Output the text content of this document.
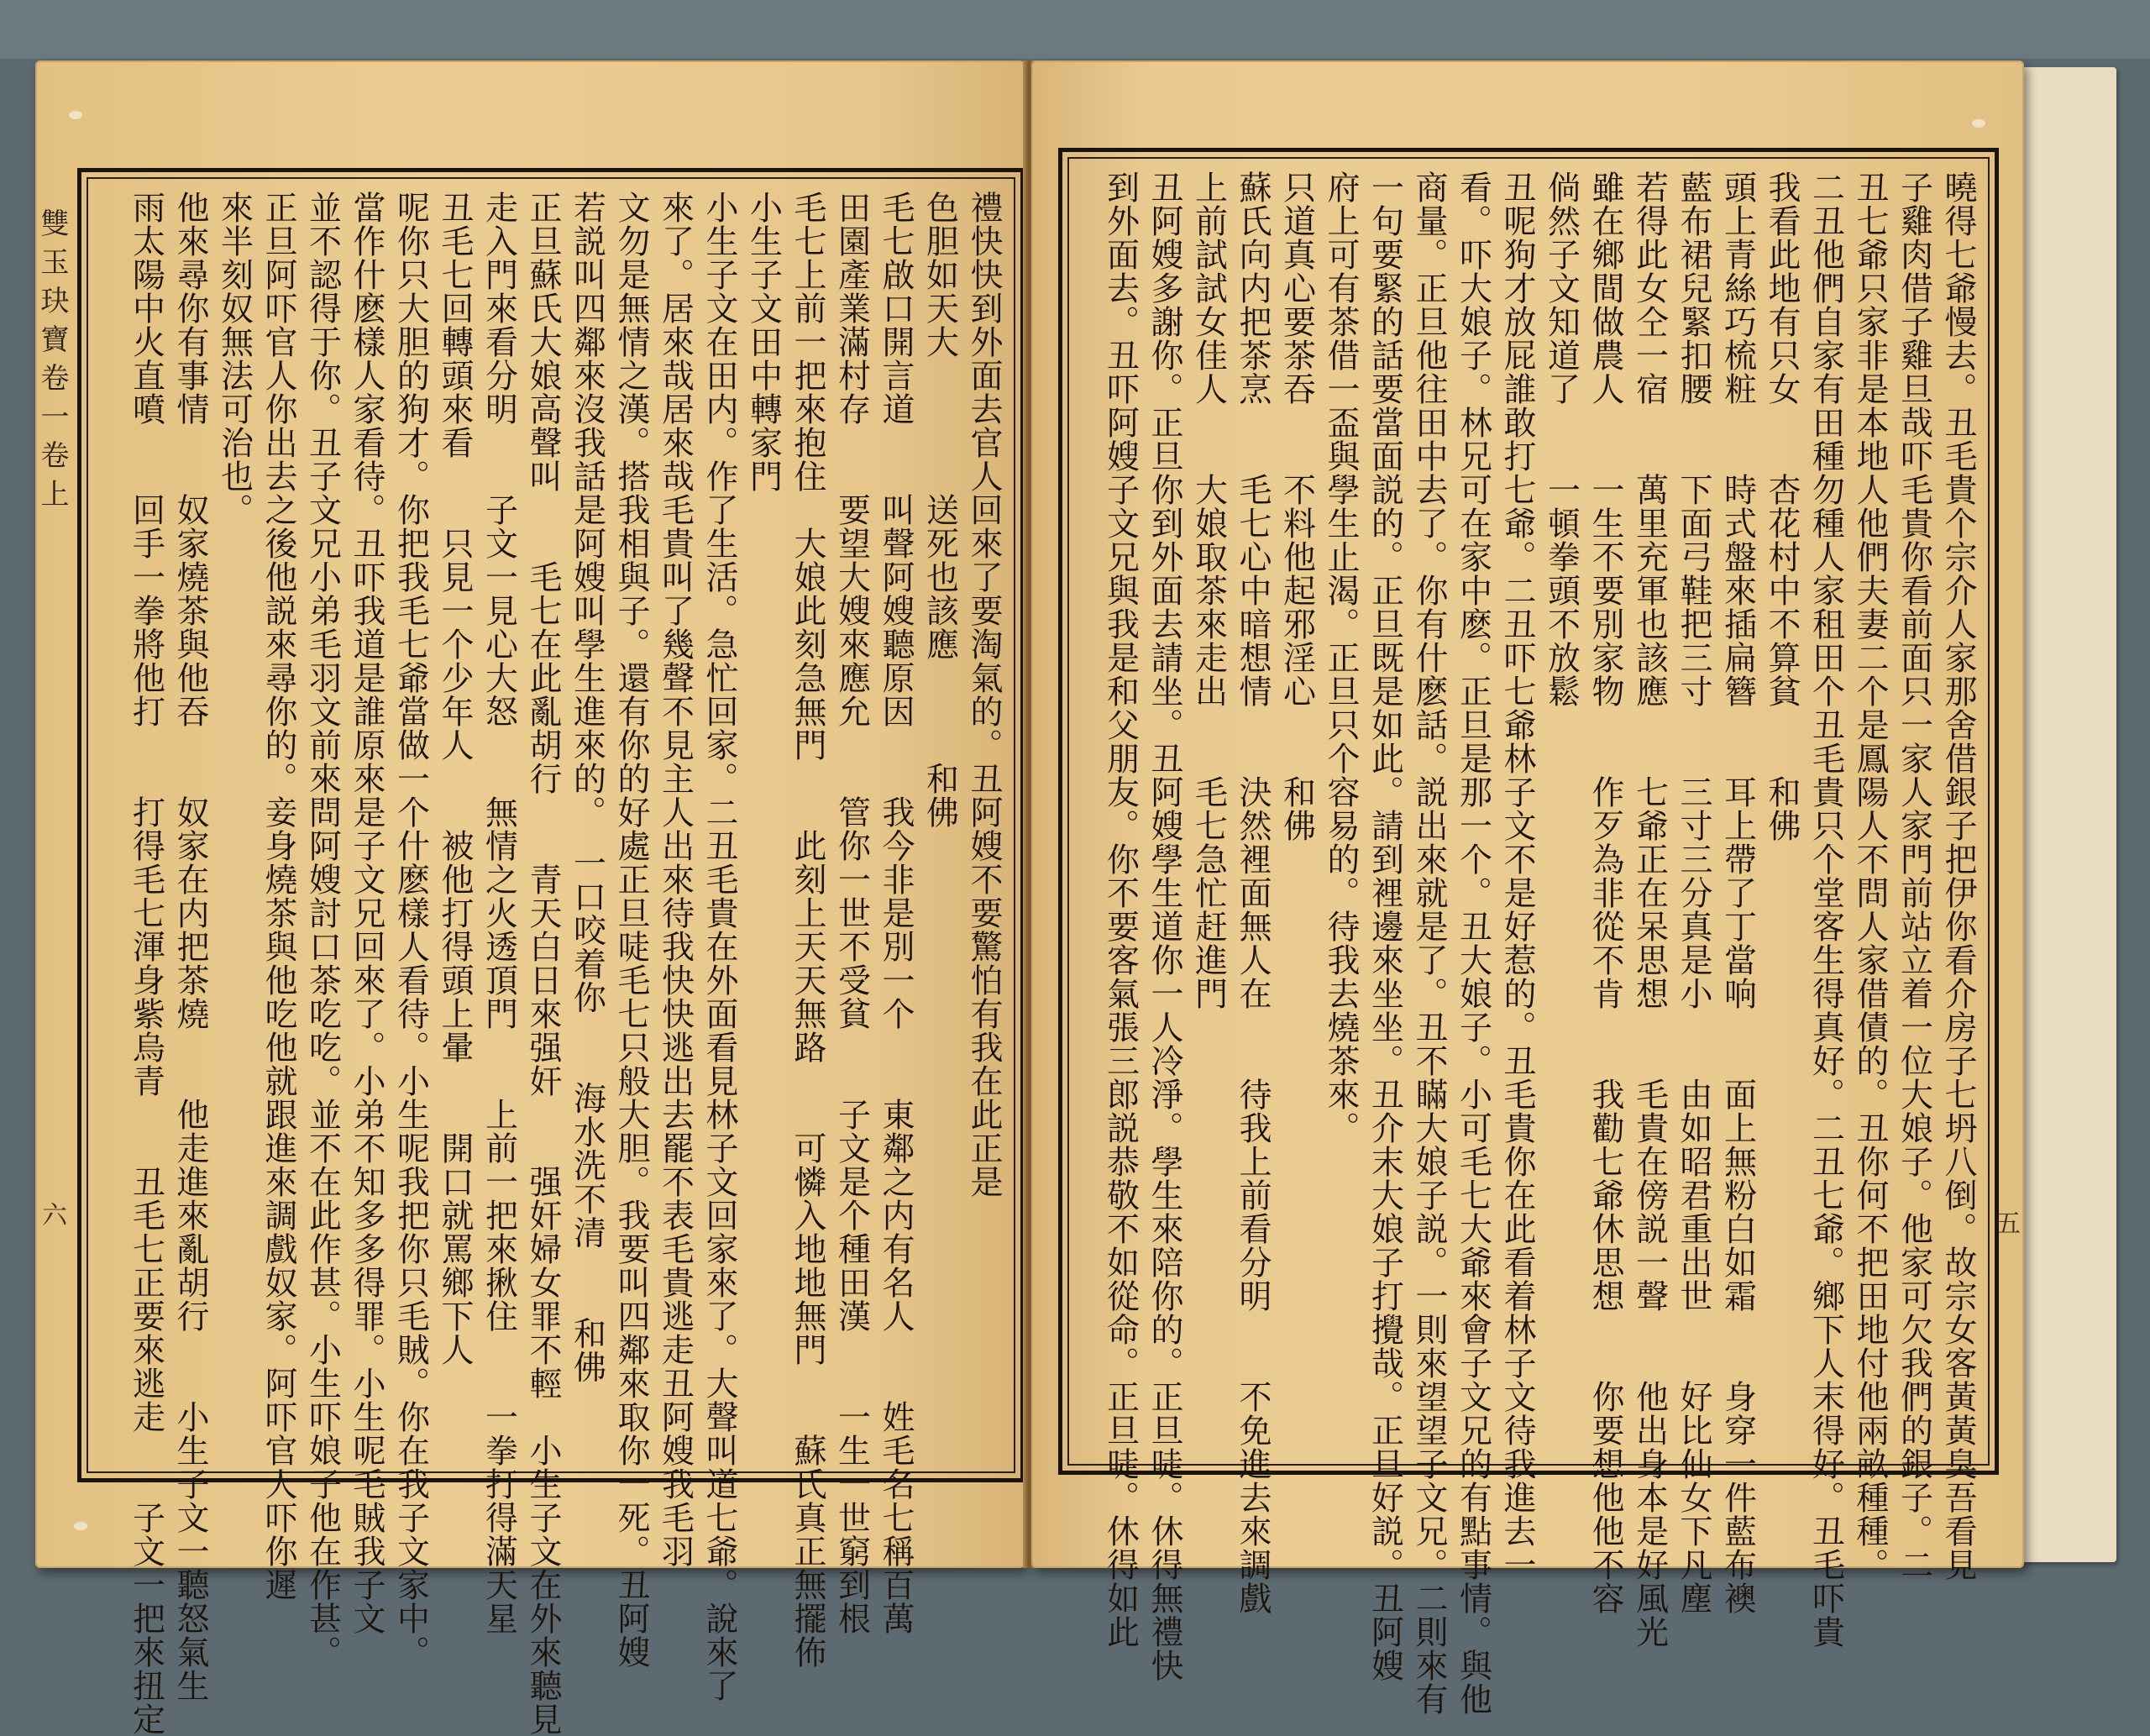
雙玉玦寶卷一卷上
六
禮快快到外面去官人回來了要淘氣的。丑阿嫂不要驚怕有我在此正是
色胆如天大　　　　送死也該應　　　和佛
毛七啟口開言道　　叫聲阿嫂聽原因　　我今非是別一个　　東鄰之内有名人　　姓毛名七稱百萬
田園產業滿村存　　要望大嫂來應允　　管你一世不受貧　　子文是个種田漢　　一生一世窮到根
毛七上前一把來抱住　大娘此刻急無門　　此刻上天天無路　　可憐入地地無門　　蘇氏真正無擺佈
小生子文田中轉家門
小生子文在田内。作了生活。急忙回家。二丑毛貴在外面看見林子文回家來了。大聲叫道七爺。說來了
來了。居來哉居來哉毛貴叫了幾聲不見主人出來待我快快逃出去罷不表毛貴逃走丑阿嫂我毛羽
文勿是無情之漢。搭我相與子。還有你的好處正旦唗毛七只般大胆。我要叫四鄰來取你一死。丑阿嫂
若説叫四鄰來沒我話是阿嫂叫學生進來的。　一口咬着你　　海水洗不清　　和佛
正旦蘇氏大娘高聲叫　　毛七在此亂胡行　　青天白日來强奸　　强奸婦女罪不輕　小生子文在外來聽見
走入門來看分明　　子文一見心大怒　　無情之火透頂門　　上前一把來揪住　　一拳打得滿天星
丑毛七回轉頭來看　　只見一个少年人　　被他打得頭上暈　　開口就罵鄉下人
呢你只大胆的狗才。你把我毛七爺當做一个什麽樣人看待。小生呢我把你只毛賊。你在我子文家中。
當作什麽樣人家看待。丑吓我道是誰原來是子文兄回來了。小弟不知多多得罪。小生呢毛賊我子文
並不認得于你。丑子文兄小弟毛羽文前來問阿嫂討口茶吃吃。並不在此作甚。小生吓娘子他在作甚。
正旦阿吓官人你出去之後他説來尋你的。妾身燒茶與他吃他就跟進來調戲奴家。阿吓官人吓你遲
來半刻奴無法可治也。
他來尋你有事情　　奴家燒茶與他吞　　奴家在内把茶燒　　他走進來亂胡行　　小生子文一聽怒氣生
雨太陽中火直噴　　回手一拳將他打　　打得毛七渾身紫烏青　　丑毛七正要來逃走　　子文一把來扭定	五
曉得七爺慢去。丑毛貴个宗介人家那舍借銀子把伊你看介房子七坍八倒。故宗女客黃黃臭吾看見
子雞肉借子雞旦哉吓毛貴你看前面只一家人家門前站立着一位大娘子。他家可欠我們的銀子。二
丑七爺只家非是本地人他們夫妻二个是鳳陽人不問人家借債的。丑你何不把田地付他兩畝種種。
二丑他們自家有田種勿種人家租田个丑毛貴只个堂客生得真好。二丑七爺。鄉下人末得好。丑毛吓貴
我看此地有只女　　杏花村中不算貧　　和佛
頭上青絲巧梳粧　　時式盤來插扁簪　　耳上帶了丁當响　　面上無粉白如霜　　身穿一件藍布襖
藍布裙兒緊扣腰　　下面弓鞋把三寸　　三寸三分真是小　　由如昭君重出世　　好比仙女下凡塵
若得此女仝一宿　　萬里充軍也該應　　七爺正在呆思想　　毛貴在傍説一聲　　他出身本是好風光
雖在鄉間做農人　　一生不要別家物　　作歹為非從不肯　　我勸七爺休思想　　你要想他他不容
倘然子文知道了　　一頓拳頭不放鬆
丑呢狗才放屁誰敢打七爺。二丑吓七爺林子文不是好惹的。丑毛貴你在此看着林子文待我進去一
看。吓大娘子。林兄可在家中麽。正旦是那一个。丑大娘子。小可毛七大爺來會子文兄的有點事情。與他
商量。正旦他往田中去了。你有什麽話。説出來就是了。丑不瞞大娘子説。一則來望望子文兄。二則來有
一句要緊的話要當面説的。正旦既是如此。請到裡邊來坐坐。丑介末大娘子打攪哉。正旦好説。丑阿嫂
府上可有茶借一盃與學生止渴。正旦只个容易的。待我去燒茶來。
只道真心要茶吞　　不料他起邪淫心　　和佛
蘇氏向内把茶烹　　毛七心中暗想情　　決然裡面無人在　　待我上前看分明　　不免進去來調戲
上前試試女佳人　　大娘取茶來走出　　毛七急忙赶進門
丑阿嫂多謝你。正旦你到外面去請坐。丑阿嫂學生道你一人冷淨。學生來陪你的。正旦唗。休得無禮快
到外面去。丑吓阿嫂子文兄與我是和父朋友。你不要客氣張三郎説恭敬不如從命。正旦唗。休得如此
